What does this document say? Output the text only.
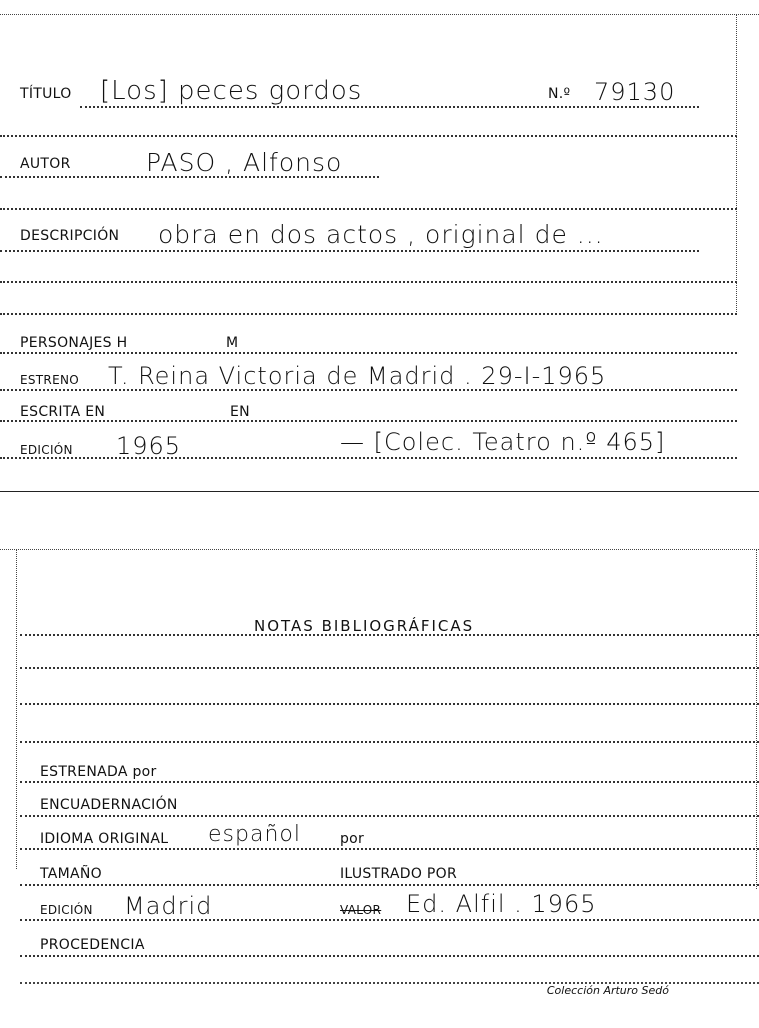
TÍTULO [Los] peces gordos	N.º 79130
AUTOR	PASO , Alfonso
DESCRIPCIÓN obra en dos actos , original de ...
PERSONAJES H	M
ESTRENO T. Reina Victoria de Madrid . 29-I-1965
ESCRITA EN	EN
EDICIÓN 1965	— [Colec. Teatro n.º 465]
NOTAS BIBLIOGRÁFICAS
ESTRENADA por
ENCUADERNACIÓN
IDIOMA ORIGINAL español	por
TAMAÑO	ILUSTRADO POR
EDICIÓN Madrid	VALOR Ed. Alfil . 1965
PROCEDENCIA
Colección Arturo Sedó
